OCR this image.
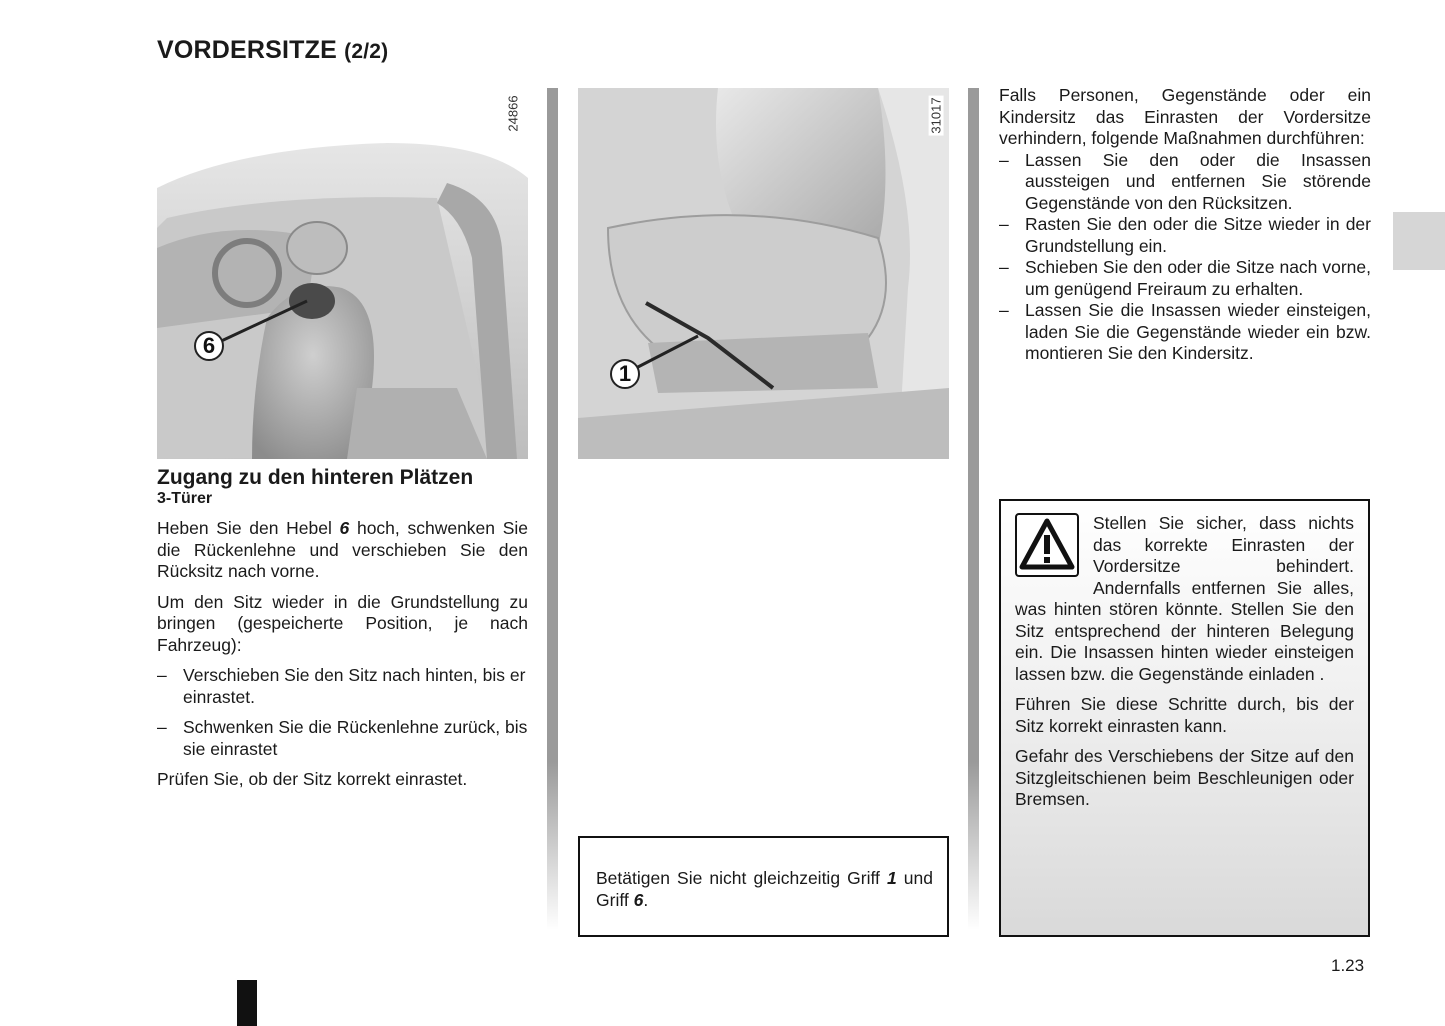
VORDERSITZE (2/2)
6
24866
1
31017
Zugang zu den hinteren Plätzen
3-Türer
Heben Sie den Hebel 6 hoch, schwenken Sie die Rückenlehne und verschieben Sie den Rücksitz nach vorne.
Um den Sitz wieder in die Grundstellung zu bringen (gespeicherte Position, je nach Fahrzeug):
– Verschieben Sie den Sitz nach hinten, bis er einrastet.
– Schwenken Sie die Rückenlehne zurück, bis sie einrastet
Prüfen Sie, ob der Sitz korrekt einrastet.
Betätigen Sie nicht gleichzeitig Griff 1 und Griff 6.
Falls Personen, Gegenstände oder ein Kindersitz das Einrasten der Vordersitze verhindern, folgende Maßnahmen durchführen:
– Lassen Sie den oder die Insassen aussteigen und entfernen Sie störende Gegenstände von den Rücksitzen.
– Rasten Sie den oder die Sitze wieder in der Grundstellung ein.
– Schieben Sie den oder die Sitze nach vorne, um genügend Freiraum zu erhalten.
– Lassen Sie die Insassen wieder einsteigen, laden Sie die Gegenstände wieder ein bzw. montieren Sie den Kindersitz.
Stellen Sie sicher, dass nichts das korrekte Einrasten der Vordersitze behindert. Andernfalls entfernen Sie alles, was hinten stören könnte. Stellen Sie den Sitz entsprechend der hinteren Belegung ein. Die Insassen hinten wieder einsteigen lassen bzw. die Gegenstände einladen .
Führen Sie diese Schritte durch, bis der Sitz korrekt einrasten kann.
Gefahr des Verschiebens der Sitze auf den Sitzgleitschienen beim Beschleunigen oder Bremsen.
1.23
